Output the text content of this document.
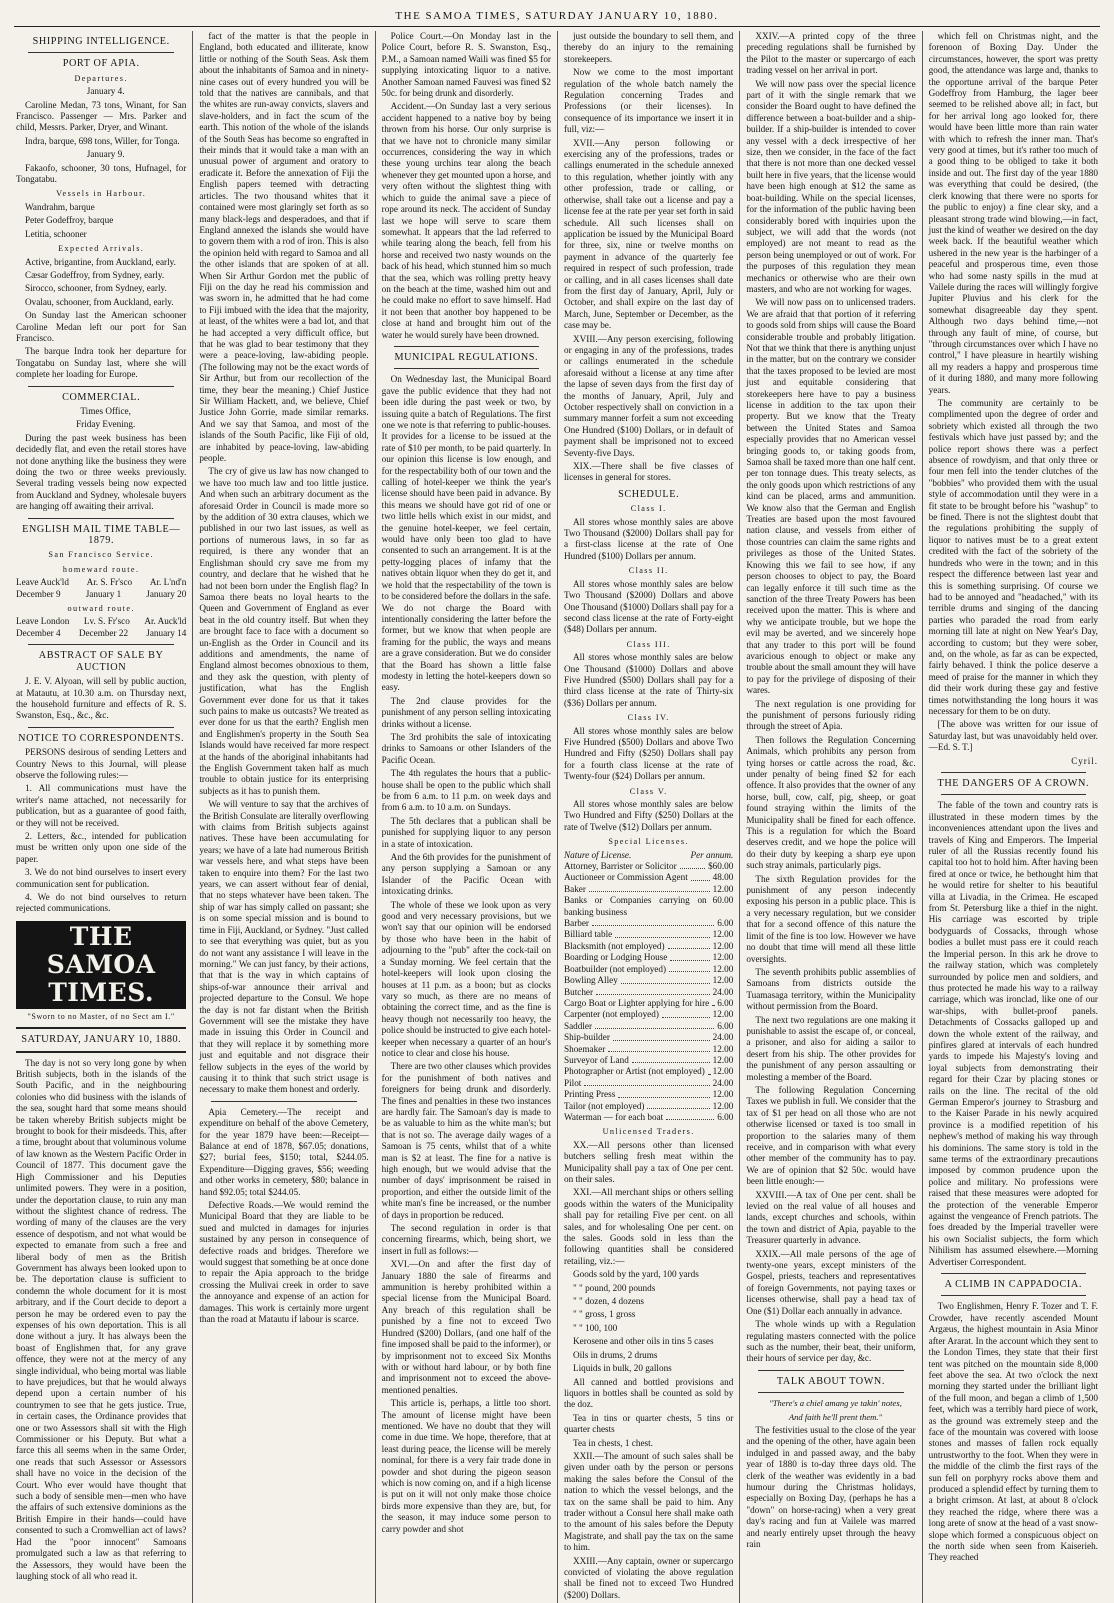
THE SAMOA TIMES, SATURDAY JANUARY 10, 1880.
SHIPPING INTELLIGENCE.
PORT OF APIA.
Departures.

January 4.

Caroline Medan, 73 tons, Winant, for San Francisco. Passenger — Mrs. Parker and child, Messrs. Parker, Dryer, and Winant.

Indra, barque, 698 tons, Willer, for Tonga.

January 9.

Fakaofo, schooner, 30 tons, Hufnagel, for Tongatabu.

Vessels in Harbour.

Wandrahm, barque

Peter Godeffroy, barque

Letitia, schooner

Expected Arrivals.

Active, brigantine, from Auckland, early.

Cæsar Godeffroy, from Sydney, early.

Sirocco, schooner, from Sydney, early.

Ovalau, schooner, from Auckland, early.

On Sunday last the American schooner Caroline Medan left our port for San Francisco.

The barque Indra took her departure for Tongatabu on Sunday last, where she will complete her loading for Europe.

COMMERCIAL.

Times Office,

Friday Evening.

During the past week business has been decidedly flat, and even the retail stores have not done anything like the business they were doing the two or three weeks previously. Several trading vessels being now expected from Auckland and Sydney, wholesale buyers are hanging off awaiting their arrival.

ENGLISH MAIL TIME TABLE—1879.
San Francisco Service.
homeward route.
Leave Auck'ld Ar. S. Fr'sco Ar. L'nd'n
December 9	January 1	January 20
outward route.
Leave London Lv. S. Fr'sco Ar. Auck'ld
December 4 December 22 January 14
ABSTRACT OF SALE BY AUCTION

J. E. V. Alyoan, will sell by public auction, at Matautu, at 10.30 a.m. on Thursday next, the household furniture and effects of R. S. Swanston, Esq., &c., &c.

NOTICE TO CORRESPONDENTS.

PERSONS desirous of sending Letters and Country News to this Journal, will please observe the following rules:—

1. All communications must have the writer's name attached, not necessarily for publication, but as a guarantee of good faith, or they will not be received.

2. Letters, &c., intended for publication must be written only upon one side of the paper.

3. We do not bind ourselves to insert every communication sent for publication.

4. We do not bind ourselves to return rejected communications.

THE SAMOA TIMES.
"Sworn to no Master, of no Sect am I."
SATURDAY, JANUARY 10, 1880.

The day is not so very long gone by when British subjects, both in the islands of the South Pacific, and in the neighbouring colonies who did business with the islands of the sea, sought hard that some means should be taken whereby British subjects might be brought to book for their misdeeds. This, after a time, brought about that voluminous volume of law known as the Western Pacific Order in Council of 1877. This document gave the High Commissioner and his Deputies unlimited powers. They were in a position, under the deportation clause, to ruin any man without the slightest chance of redress. The wording of many of the clauses are the very essence of despotism, and not what would be expected to emanate from such a free and liberal body of men as the British Government has always been looked upon to be. The deportation clause is sufficient to condemn the whole document for it is most arbitrary, and if the Court decide to deport a person he may be ordered even to pay the expenses of his own deportation. This is all done without a jury. It has always been the boast of Englishmen that, for any grave offence, they were not at the mercy of any single individual, who being mortal was liable to have prejudices, but that he would always depend upon a certain number of his countrymen to see that he gets justice. True, in certain cases, the Ordinance provides that one or two Assessors shall sit with the High Commissioner or his Deputy. But what a farce this all seems when in the same Order, one reads that such Assessor or Assessors shall have no voice in the decision of the Court. Who ever would have thought that such a body of sensible men—men who have the affairs of such extensive dominions as the British Empire in their hands—could have consented to such a Cromwellian act of laws? Had the "poor innocent" Samoans promulgated such a law as that referring to the Assessors, they would have been the laughing stock of all who read it.

fact of the matter is that the people in England, both educated and illiterate, know little or nothing of the South Seas. Ask them about the inhabitants of Samoa and in ninety-nine cases out of every hundred you will be told that the natives are cannibals, and that the whites are run-away convicts, slavers and slave-holders, and in fact the scum of the earth. This notion of the whole of the islands of the South Seas has become so engrafted in their minds that it would take a man with an unusual power of argument and oratory to eradicate it. Before the annexation of Fiji the English papers teemed with detracting articles. The two thousand whites that it contained were most glaringly set forth as so many black-legs and desperadoes, and that if England annexed the islands she would have to govern them with a rod of iron. This is also the opinion held with regard to Samoa and all the other islands that are spoken of at all. When Sir Arthur Gordon met the public of Fiji on the day he read his commission and was sworn in, he admitted that he had come to Fiji imbued with the idea that the majority, at least, of the whites were a bad lot, and that he had accepted a very difficult office, but that he was glad to bear testimony that they were a peace-loving, law-abiding people. (The following may not be the exact words of Sir Arthur, but from our recollection of the time, they bear the meaning.) Chief Justice Sir William Hackett, and, we believe, Chief Justice John Gorrie, made similar remarks. And we say that Samoa, and most of the islands of the South Pacific, like Fiji of old, are inhabited by peace-loving, law-abiding people.

The cry of give us law has now changed to we have too much law and too little justice. And when such an arbitrary document as the aforesaid Order in Council is made more so by the addition of 30 extra clauses, which we published in our two last issues, as well as portions of numerous laws, in so far as required, is there any wonder that an Englishman should cry save me from my country, and declare that he wished that he had not been born under the English flag? In Samoa there beats no loyal hearts to the Queen and Government of England as ever beat in the old country itself. But when they are brought face to face with a document so un-English as the Order in Council and its additions and amendments, the name of England almost becomes obnoxious to them, and they ask the question, with plenty of justification, what has the English Government ever done for us that it takes such pains to make us outcasts? We treated as ever done for us that the earth? English men and Englishmen's property in the South Sea Islands would have received far more respect at the hands of the aboriginal inhabitants had the English Government taken half as much trouble to obtain justice for its enterprising subjects as it has to punish them.

We will venture to say that the archives of the British Consulate are literally overflowing with claims from British subjects against natives. These have been accumulating for years; we have of a late had numerous British war vessels here, and what steps have been taken to enquire into them? For the last two years, we can assert without fear of denial, that no steps whatever have been taken. The ship of war has simply called on passant; she is on some special mission and is bound to time in Fiji, Auckland, or Sydney. "Just called to see that everything was quiet, but as you do not want any assistance I will leave in the morning." We can just fancy, by their actions, that that is the way in which captains of ships-of-war announce their arrival and projected departure to the Consul. We hope the day is not far distant when the British Government will see the mistake they have made in issuing this Order in Council and that they will replace it by something more just and equitable and not disgrace their fellow subjects in the eyes of the world by causing it to think that such strict usage is necessary to make them honest and orderly.

Apia Cemetery.—The receipt and expenditure on behalf of the above Cemetery, for the year 1879 have been:—Receipt—Balance at end of 1878, $67.05; donations, $27; burial fees, $150; total, $244.05. Expenditure—Digging graves, $56; weeding and other works in cemetery, $80; balance in hand $92.05; total $244.05.

Defective Roads.—We would remind the Municipal Board that they are liable to be sued and mulcted in damages for injuries sustained by any person in consequence of defective roads and bridges. Therefore we would suggest that something be at once done to repair the Apia approach to the bridge crossing the Mulivai creek in order to save the annoyance and expense of an action for damages. This work is certainly more urgent than the road at Matautu if labour is scarce.

Police Court.—On Monday last in the Police Court, before R. S. Swanston, Esq., P.M., a Samoan named Waili was fined $5 for supplying intoxicating liquor to a native. Another Samoan named Fauvesi was fined $2 50c. for being drunk and disorderly.

Accident.—On Sunday last a very serious accident happened to a native boy by being thrown from his horse. Our only surprise is that we have not to chronicle many similar occurrences, considering the way in which these young urchins tear along the beach whenever they get mounted upon a horse, and very often without the slightest thing with which to guide the animal save a piece of rope around its neck. The accident of Sunday last we hope will serve to scare them somewhat. It appears that the lad referred to while tearing along the beach, fell from his horse and received two nasty wounds on the back of his head, which stunned him so much that the sea, which was rolling pretty heavy on the beach at the time, washed him out and he could make no effort to save himself. Had it not been that another boy happened to be close at hand and brought him out of the water he would surely have been drowned.

MUNICIPAL REGULATIONS.

On Wednesday last, the Municipal Board gave the public evidence that they had not been idle during the past week or two, by issuing quite a batch of Regulations. The first one we note is that referring to public-houses. It provides for a license to be issued at the rate of $10 per month, to be paid quarterly. In our opinion this license is low enough, and for the respectability both of our town and the calling of hotel-keeper we think the year's license should have been paid in advance. By this means we should have got rid of one or two little hells which exist in our midst, and the genuine hotel-keeper, we feel certain, would have only been too glad to have consented to such an arrangement. It is at the petty-logging places of infamy that the natives obtain liquor when they do get it, and we hold that the respectability of the town is to be considered before the dollars in the safe. We do not charge the Board with intentionally considering the latter before the former, but we know that when people are framing for the public, the ways and means are a grave consideration. But we do consider that the Board has shown a little false modesty in letting the hotel-keepers down so easy.

The 2nd clause provides for the punishment of any person selling intoxicating drinks without a license.

The 3rd prohibits the sale of intoxicating drinks to Samoans or other Islanders of the Pacific Ocean.

The 4th regulates the hours that a public-house shall be open to the public which shall be from 6 a.m. to 11 p.m. on week days and from 6 a.m. to 10 a.m. on Sundays.

The 5th declares that a publican shall be punished for supplying liquor to any person in a state of intoxication.

And the 6th provides for the punishment of any person supplying a Samoan or any Islander of the Pacific Ocean with intoxicating drinks.

The whole of these we look upon as very good and very necessary provisions, but we won't say that our opinion will be endorsed by those who have been in the habit of adjourning to the "pub" after the cock-tail on a Sunday morning. We feel certain that the hotel-keepers will look upon closing the houses at 11 p.m. as a boon; but as clocks vary so much, as there are no means of obtaining the correct time, and as the fine is heavy though not necessarily too heavy, the police should be instructed to give each hotel-keeper when necessary a quarter of an hour's notice to clear and close his house.

There are two other clauses which provides for the punishment of both natives and foreigners for being drunk and disorderly. The fines and penalties in these two instances are hardly fair. The Samoan's day is made to be as valuable to him as the white man's; but that is not so. The average daily wages of a Samoan is 75 cents, whilst that of a white man is $2 at least. The fine for a native is high enough, but we would advise that the number of days' imprisonment be raised in proportion, and either the outside limit of the white man's fine be increased, or the number of days in proportion be reduced.

The second regulation in order is that concerning firearms, which, being short, we insert in full as follows:—

XVI.—On and after the first day of January 1880 the sale of firearms and ammunition is hereby prohibited within a special license from the Municipal Board. Any breach of this regulation shall be punished by a fine not to exceed Two Hundred ($200) Dollars, (and one half of the fine imposed shall be paid to the informer), or by imprisonment not to exceed Six Months with or without hard labour, or by both fine and imprisonment not to exceed the above-mentioned penalties.

This article is, perhaps, a little too short. The amount of license might have been mentioned. We have no doubt that they will come in due time. We hope, therefore, that at least during peace, the license will be merely nominal, for there is a very fair trade done in powder and shot during the pigeon season which is now coming on, and if a high license is put on it will not only make those choice birds more expensive than they are, but, for the season, it may induce some person to carry powder and shot

just outside the boundary to sell them, and thereby do an injury to the remaining storekeepers.

Now we come to the most important regulation of the whole batch namely the Regulation concerning Trades and Professions (or their licenses). In consequence of its importance we insert it in full, viz:—

XVII.—Any person following or exercising any of the professions, trades or callings enumerated in the schedule annexed to this regulation, whether jointly with any other profession, trade or calling, or otherwise, shall take out a license and pay a license fee at the rate per year set forth in said schedule. All such licenses shall on application be issued by the Municipal Board for three, six, nine or twelve months on payment in advance of the quarterly fee required in respect of such profession, trade or calling, and in all cases licenses shall date from the first day of January, April, July or October, and shall expire on the last day of March, June, September or December, as the case may be.

XVIII.—Any person exercising, following or engaging in any of the professions, trades or callings enumerated in the schedule aforesaid without a license at any time after the lapse of seven days from the first day of the months of January, April, July and October respectively shall on conviction in a summary manner forfeit a sum not exceeding One Hundred ($100) Dollars, or in default of payment shall be imprisoned not to exceed Seventy-five Days.

XIX.—There shall be five classes of licenses in general for stores.

SCHEDULE.
Class I.

All stores whose monthly sales are above Two Thousand ($2000) Dollars shall pay for a first-class license at the rate of One Hundred ($100) Dollars per annum.

Class II.

All stores whose monthly sales are below Two Thousand ($2000) Dollars and above One Thousand ($1000) Dollars shall pay for a second class license at the rate of Forty-eight ($48) Dollars per annum.

Class III.

All stores whose monthly sales are below One Thousand ($1000) Dollars and above Five Hundred ($500) Dollars shall pay for a third class license at the rate of Thirty-six ($36) Dollars per annum.

Class IV.

All stores whose monthly sales are below Five Hundred ($500) Dollars and above Two Hundred and Fifty ($250) Dollars shall pay for a fourth class license at the rate of Twenty-four ($24) Dollars per annum.

Class V.

All stores whose monthly sales are below Two Hundred and Fifty ($250) Dollars at the rate of Twelve ($12) Dollars per annum.

Special Licenses.
Nature of License.	Per annum.
Attorney, Barrister or Solicitor	$60.00
Auctioneer or Commission Agent	48.00
Baker	12.00
Banks or Companies carrying on banking business
60.00
Barber	6.00
Billiard table	12.00
Blacksmith (not employed)	12.00
Boarding or Lodging House	12.00
Boatbuilder (not employed)	12.00
Bowling Alley	12.00
Butcher	24.00
Cargo Boat or Lighter applying for hire 6.00
Carpenter (not employed)	12.00
Saddler	6.00
Ship-builder	24.00
Shoemaker	12.00
Surveyor of Land	12.00
Photographer or Artist (not employed) 12.00
Pilot	24.00
Printing Press	12.00
Tailor (not employed)	12.00
Waterman — for each boat	6.00
Unlicensed Traders.

XX.—All persons other than licensed butchers selling fresh meat within the Municipality shall pay a tax of One per cent. on their sales.

XXI.—All merchant ships or others selling goods within the waters of the Municipality shall pay for retailing Five per cent. on all sales, and for wholesaling One per cent. on the sales. Goods sold in less than the following quantities shall be considered retailing, viz.:—

Goods sold by the yard, 100 yards

" " pound, 200 pounds

" " dozen, 4 dozens

" " gross, 1 gross

" " 100, 100

Kerosene and other oils in tins 5 cases

Oils in drums, 2 drums

Liquids in bulk, 20 gallons

All canned and bottled provisions and liquors in bottles shall be counted as sold by the doz.

Tea in tins or quarter chests, 5 tins or quarter chests

Tea in chests, 1 chest.

XXII.—The amount of such sales shall be given under oath by the person or persons making the sales before the Consul of the nation to which the vessel belongs, and the tax on the same shall be paid to him. Any trader without a Consul here shall make oath to the amount of his sales before the Deputy Magistrate, and shall pay the tax on the same to him.

XXIII.—Any captain, owner or supercargo convicted of violating the above regulation shall be fined not to exceed Two Hundred ($200) Dollars.

XXIV.—A printed copy of the three preceding regulations shall be furnished by the Pilot to the master or supercargo of each trading vessel on her arrival in port.

We will now pass over the special licence part of it with the single remark that we consider the Board ought to have defined the difference between a boat-builder and a ship-builder. If a ship-builder is intended to cover any vessel with a deck irrespective of her size, then we consider, in the face of the fact that there is not more than one decked vessel built here in five years, that the license would have been high enough at $12 the same as boat-building. While on the special licenses, for the information of the public having been considerably bored with inquiries upon the subject, we will add that the words (not employed) are not meant to read as the person being unemployed or out of work. For the purposes of this regulation they mean mechanics or otherwise who are their own masters, and who are not working for wages.

We will now pass on to unlicensed traders. We are afraid that that portion of it referring to goods sold from ships will cause the Board considerable trouble and probably litigation. Not that we think that there is anything unjust in the matter, but on the contrary we consider that the taxes proposed to be levied are most just and equitable considering that storekeepers here have to pay a business license in addition to the tax upon their property. But we know that the Treaty between the United States and Samoa especially provides that no American vessel bringing goods to, or taking goods from, Samoa shall be taxed more than one half cent. per ton tonnage dues. This treaty selects, as the only goods upon which restrictions of any kind can be placed, arms and ammunition. We know also that the German and English Treaties are based upon the most favoured nation clause, and vessels from either of those countries can claim the same rights and privileges as those of the United States. Knowing this we fail to see how, if any person chooses to object to pay, the Board can legally enforce it till such time as the sanction of the three Treaty Powers has been received upon the matter. This is where and why we anticipate trouble, but we hope the evil may be averted, and we sincerely hope that any trader to this port will be found avaricious enough to object or make any trouble about the small amount they will have to pay for the privilege of disposing of their wares.

The next regulation is one providing for the punishment of persons furiously riding through the street of Apia.

Then follows the Regulation Concerning Animals, which prohibits any person from tying horses or cattle across the road, &c. under penalty of being fined $2 for each offence. It also provides that the owner of any horse, bull, cow, calf, pig, sheep, or goat found straying within the limits of the Municipality shall be fined for each offence. This is a regulation for which the Board deserves credit, and we hope the police will do their duty by keeping a sharp eye upon such stray animals, particularly pigs.

The sixth Regulation provides for the punishment of any person indecently exposing his person in a public place. This is a very necessary regulation, but we consider that for a second offence of this nature the limit of the fine is too low. However we have no doubt that time will mend all these little oversights.

The seventh prohibits public assemblies of Samoans from districts outside the Tuamasaga territory, within the Municipality without permission from the Board.

The next two regulations are one making it punishable to assist the escape of, or conceal, a prisoner, and also for aiding a sailor to desert from his ship. The other provides for the punishment of any person assaulting or molesting a member of the Board.

The following Regulation Concerning Taxes we publish in full. We consider that the tax of $1 per head on all those who are not otherwise licensed or taxed is too small in proportion to the salaries many of them receive, and in comparison with what every other member of the community has to pay. We are of opinion that $2 50c. would have been little enough:—

XXVIII.—A tax of One per cent. shall be levied on the real value of all houses and lands, except churches and schools, within the town and district of Apia, payable to the Treasurer quarterly in advance.

XXIX.—All male persons of the age of twenty-one years, except ministers of the Gospel, priests, teachers and representatives of foreign Governments, not paying taxes or licenses otherwise, shall pay a head tax of One ($1) Dollar each annually in advance.

The whole winds up with a Regulation regulating masters connected with the police such as the number, their beat, their uniform, their hours of service per day, &c.

TALK ABOUT TOWN.

"There's a chiel amang ye takin' notes,

And faith he'll prent them."

The festivities usual to the close of the year and the opening of the other, have again been indulged in and passed away, and the baby year of 1880 is to-day three days old. The clerk of the weather was evidently in a bad humour during the Christmas holidays, especially on Boxing Day, (perhaps he has a "down" on horse-racing) when a very great day's racing and fun at Vailele was marred and nearly entirely upset through the heavy rain

which fell on Christmas night, and the forenoon of Boxing Day. Under the circumstances, however, the sport was pretty good, the attendance was large and, thanks to the opportune arrival of the barque Peter Godeffroy from Hamburg, the lager beer seemed to be relished above all; in fact, but for her arrival long ago looked for, there would have been little more than rain water with which to refresh the inner man. That's very good at times, but it's rather too much of a good thing to be obliged to take it both inside and out. The first day of the year 1880 was everything that could be desired, (the clerk knowing that there were no sports for the public to enjoy) a fine clear sky, and a pleasant strong trade wind blowing,—in fact, just the kind of weather we desired on the day week back. If the beautiful weather which ushered in the new year is the harbinger of a peaceful and prosperous time, even those who had some nasty spills in the mud at Vailele during the races will willingly forgive Jupiter Pluvius and his clerk for the somewhat disagreeable day they spent. Although two days behind time,—not through any fault of mine, of course, but "through circumstances over which I have no control," I have pleasure in heartily wishing all my readers a happy and prosperous time of it during 1880, and many more following years.

The community are certainly to be complimented upon the degree of order and sobriety which existed all through the two festivals which have just passed by; and the police report shows there was a perfect absence of rowdyism, and that only three or four men fell into the tender clutches of the "bobbies" who provided them with the usual style of accommodation until they were in a fit state to be brought before his "washup" to be fined. There is not the slightest doubt that the regulations prohibiting the supply of liquor to natives must be to a great extent credited with the fact of the sobriety of the hundreds who were in the town; and in this respect the difference between last year and this is something surprising. Of course we had to be annoyed and "headached," with its terrible drums and singing of the dancing parties who paraded the road from early morning till late at night on New Year's Day, according to custom; but they were sober, and, on the whole, as far as can be expected, fairly behaved. I think the police deserve a meed of praise for the manner in which they did their work during these gay and festive times notwithstanding the long hours it was necessary for them to be on duty.

[The above was written for our issue of Saturday last, but was unavoidably held over.—Ed. S. T.]

Cyril.

THE DANGERS OF A CROWN.

The fable of the town and country rats is illustrated in these modern times by the inconveniences attendant upon the lives and travels of King and Emperors. The Imperial ruler of all the Russias recently found his capital too hot to hold him. After having been fired at once or twice, he bethought him that he would retire for shelter to his beautiful villa at Livadia, in the Crimea. He escaped from St. Petersburg like a thief in the night. His carriage was escorted by triple bodyguards of Cossacks, through whose bodies a bullet must pass ere it could reach the Imperial person. In this ark he drove to the railway station, which was completely surrounded by police men and soldiers, and thus protected he made his way to a railway carriage, which was ironclad, like one of our war-ships, with bullet-proof panels. Detachments of Cossacks galloped up and down the whole extent of the railway, and pinfires glared at intervals of each hundred yards to impede his Majesty's loving and loyal subjects from demonstrating their regard for their Czar by placing stones or rails on the line. The recital of the old German Emperor's journey to Strasburg and to the Kaiser Parade in his newly acquired province is a modified repetition of his nephew's method of making his way through his dominions. The same story is told in the same terms of the extraordinary precautions imposed by common prudence upon the police and military. No professions were raised that these measures were adopted for the protection of the venerable Emperor against the vengeance of French patriots. The foes dreaded by the Imperial traveller were his own Socialist subjects, the form which Nihilism has assumed elsewhere.—Morning Advertiser Correspondent.

A CLIMB IN CAPPADOCIA.

Two Englishmen, Henry F. Tozer and T. F. Crowder, have recently ascended Mount Argæus, the highest mountain in Asia Minor after Ararat. In the account which they sent to the London Times, they state that their first tent was pitched on the mountain side 8,000 feet above the sea. At two o'clock the next morning they started under the brilliant light of the full moon, and began a climb of 1,500 feet, which was a terribly hard piece of work, as the ground was extremely steep and the face of the mountain was covered with loose stones and masses of fallen rock equally untrustworthy to the foot. When they were in the middle of the climb the first rays of the sun fell on porphyry rocks above them and produced a splendid effect by turning them to a bright crimson. At last, at about 8 o'clock they reached the ridge, where there was a long arete of snow at the head of a vast snow-slope which formed a conspicuous object on the north side when seen from Kaiserieh. They reached
